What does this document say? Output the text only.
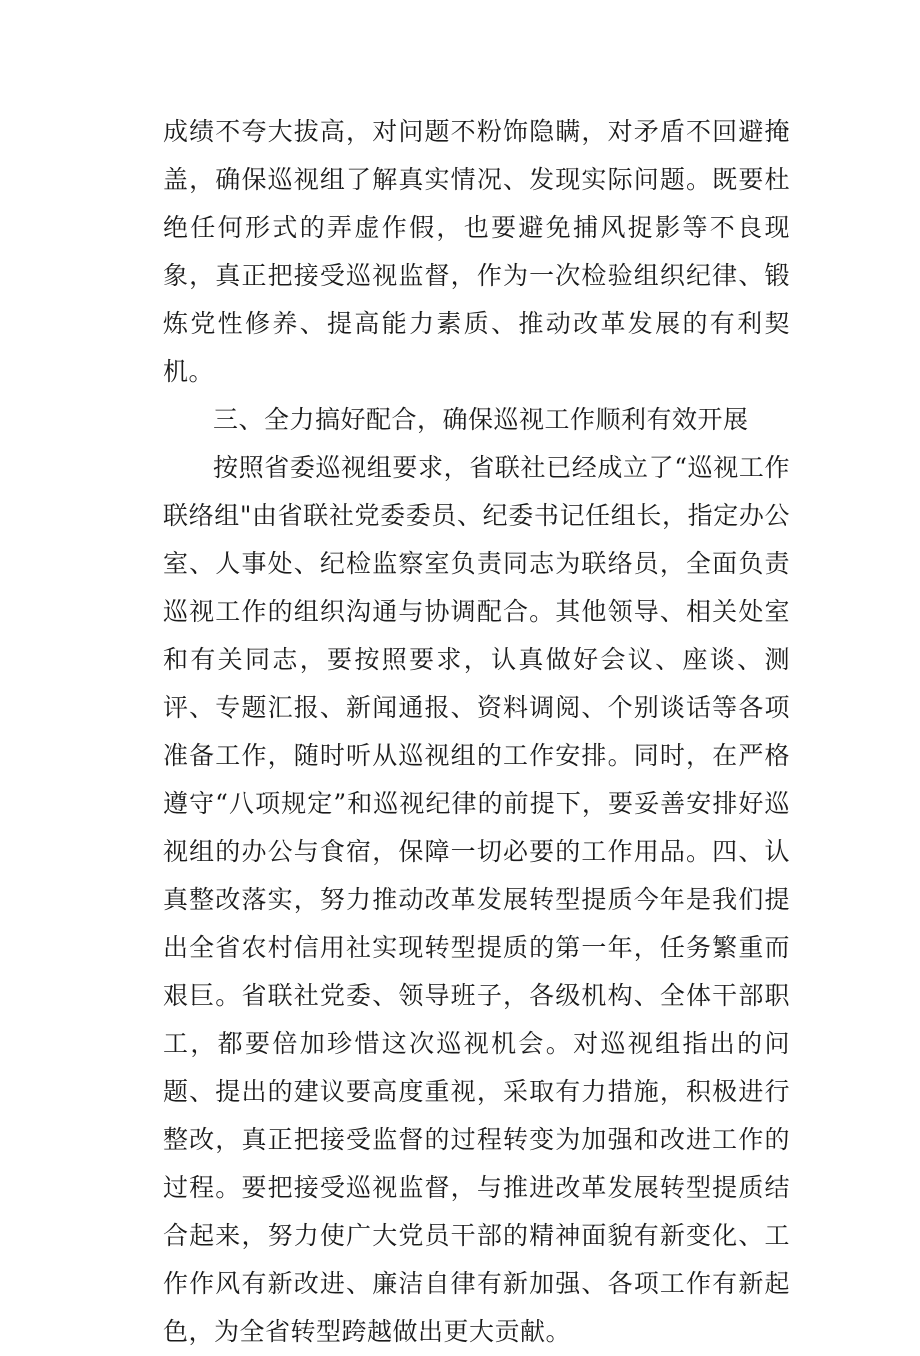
成绩不夸大拔高，对问题不粉饰隐瞒，对矛盾不回避掩盖，确保巡视组了解真实情况、发现实际问题。既要杜绝任何形式的弄虚作假，也要避免捕风捉影等不良现象，真正把接受巡视监督，作为一次检验组织纪律、锻炼党性修养、提高能力素质、推动改革发展的有利契机。

三、全力搞好配合，确保巡视工作顺利有效开展

按照省委巡视组要求，省联社已经成立了“巡视工作联络组"由省联社党委委员、纪委书记任组长，指定办公室、人事处、纪检监察室负责同志为联络员，全面负责巡视工作的组织沟通与协调配合。其他领导、相关处室和有关同志，要按照要求，认真做好会议、座谈、测评、专题汇报、新闻通报、资料调阅、个别谈话等各项准备工作，随时听从巡视组的工作安排。同时，在严格遵守“八项规定”和巡视纪律的前提下，要妥善安排好巡视组的办公与食宿，保障一切必要的工作用品。四、认真整改落实，努力推动改革发展转型提质今年是我们提出全省农村信用社实现转型提质的第一年，任务繁重而艰巨。省联社党委、领导班子，各级机构、全体干部职工，都要倍加珍惜这次巡视机会。对巡视组指出的问题、提出的建议要高度重视，采取有力措施，积极进行整改，真正把接受监督的过程转变为加强和改进工作的过程。要把接受巡视监督，与推进改革发展转型提质结合起来，努力使广大党员干部的精神面貌有新变化、工作作风有新改进、廉洁自律有新加强、各项工作有新起色，为全省转型跨越做出更大贡献。
